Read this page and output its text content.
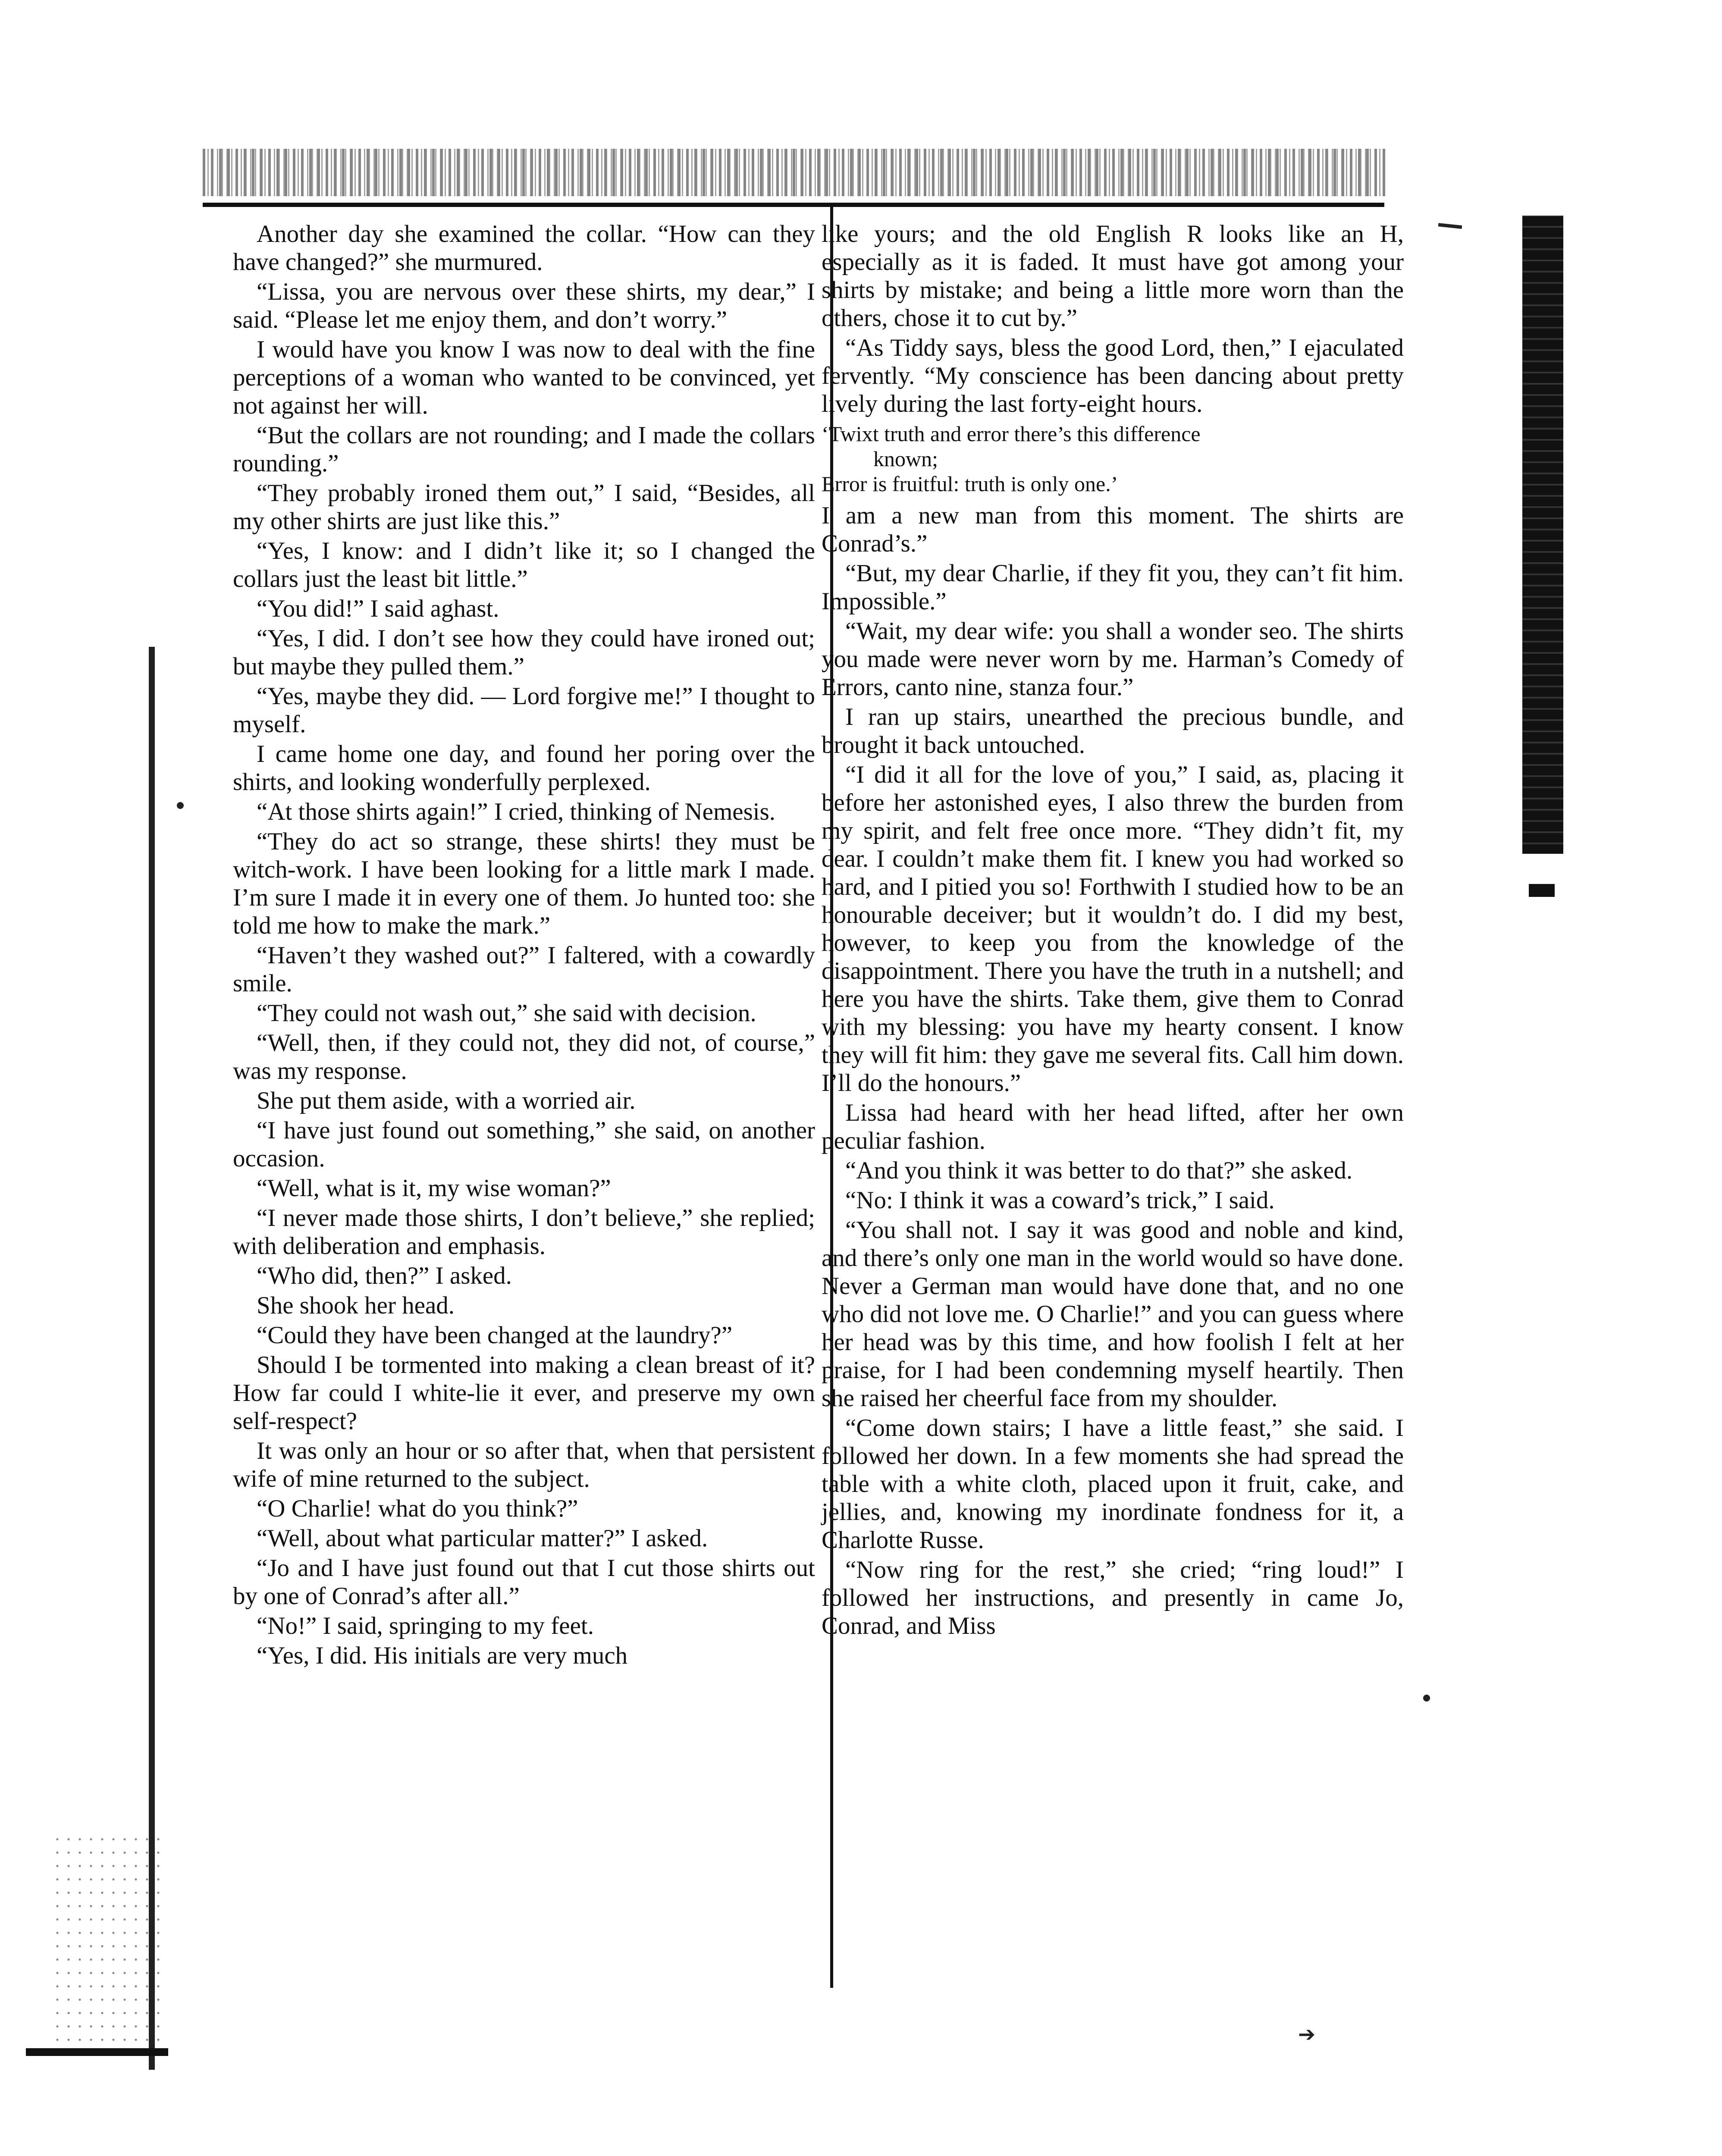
Another day she examined the collar. “How can they have changed?” she murmured.

“Lissa, you are nervous over these shirts, my dear,” I said. “Please let me enjoy them, and don’t worry.”

I would have you know I was now to deal with the fine perceptions of a woman who wanted to be convinced, yet not against her will.

“But the collars are not rounding; and I made the collars rounding.”

“They probably ironed them out,” I said, “Besides, all my other shirts are just like this.”

“Yes, I know: and I didn’t like it; so I changed the collars just the least bit little.”

“You did!” I said aghast.

“Yes, I did. I don’t see how they could have ironed out; but maybe they pulled them.”

“Yes, maybe they did. — Lord forgive me!” I thought to myself.

I came home one day, and found her poring over the shirts, and looking wonderfully perplexed.

“At those shirts again!” I cried, thinking of Nemesis.

“They do act so strange, these shirts! they must be witch-work. I have been looking for a little mark I made. I’m sure I made it in every one of them. Jo hunted too: she told me how to make the mark.”

“Haven’t they washed out?” I faltered, with a cowardly smile.

“They could not wash out,” she said with decision.

“Well, then, if they could not, they did not, of course,” was my response.

She put them aside, with a worried air.

“I have just found out something,” she said, on another occasion.

“Well, what is it, my wise woman?”

“I never made those shirts, I don’t believe,” she replied; with deliberation and emphasis.

“Who did, then?” I asked.

She shook her head.

“Could they have been changed at the laundry?”

Should I be tormented into making a clean breast of it? How far could I white-lie it ever, and preserve my own self-respect?

It was only an hour or so after that, when that persistent wife of mine returned to the subject.

“O Charlie! what do you think?”

“Well, about what particular matter?” I asked.

“Jo and I have just found out that I cut those shirts out by one of Conrad’s after all.”

“No!” I said, springing to my feet.

“Yes, I did. His initials are very much

like yours; and the old English R looks like an H, especially as it is faded. It must have got among your shirts by mistake; and being a little more worn than the others, chose it to cut by.”

“As Tiddy says, bless the good Lord, then,” I ejaculated fervently. “My conscience has been dancing about pretty lively during the last forty-eight hours.

‘Twixt truth and error there’s this difference
known;
Error is fruitful: truth is only one.’

I am a new man from this moment. The shirts are Conrad’s.”

“But, my dear Charlie, if they fit you, they can’t fit him. Impossible.”

“Wait, my dear wife: you shall a wonder seo. The shirts you made were never worn by me. Harman’s Comedy of Errors, canto nine, stanza four.”

I ran up stairs, unearthed the precious bundle, and brought it back untouched.

“I did it all for the love of you,” I said, as, placing it before her astonished eyes, I also threw the burden from my spirit, and felt free once more. “They didn’t fit, my dear. I couldn’t make them fit. I knew you had worked so hard, and I pitied you so! Forthwith I studied how to be an honourable deceiver; but it wouldn’t do. I did my best, however, to keep you from the knowledge of the disappointment. There you have the truth in a nutshell; and here you have the shirts. Take them, give them to Conrad with my blessing: you have my hearty consent. I know they will fit him: they gave me several fits. Call him down. I’ll do the honours.”

Lissa had heard with her head lifted, after her own peculiar fashion.

“And you think it was better to do that?” she asked.

“No: I think it was a coward’s trick,” I said.

“You shall not. I say it was good and noble and kind, and there’s only one man in the world would so have done. Never a German man would have done that, and no one who did not love me. O Charlie!” and you can guess where her head was by this time, and how foolish I felt at her praise, for I had been condemning myself heartily. Then she raised her cheerful face from my shoulder.

“Come down stairs; I have a little feast,” she said. I followed her down. In a few moments she had spread the table with a white cloth, placed upon it fruit, cake, and jellies, and, knowing my inordinate fondness for it, a Charlotte Russe.

“Now ring for the rest,” she cried; “ring loud!” I followed her instructions, and presently in came Jo, Conrad, and Miss

➔
